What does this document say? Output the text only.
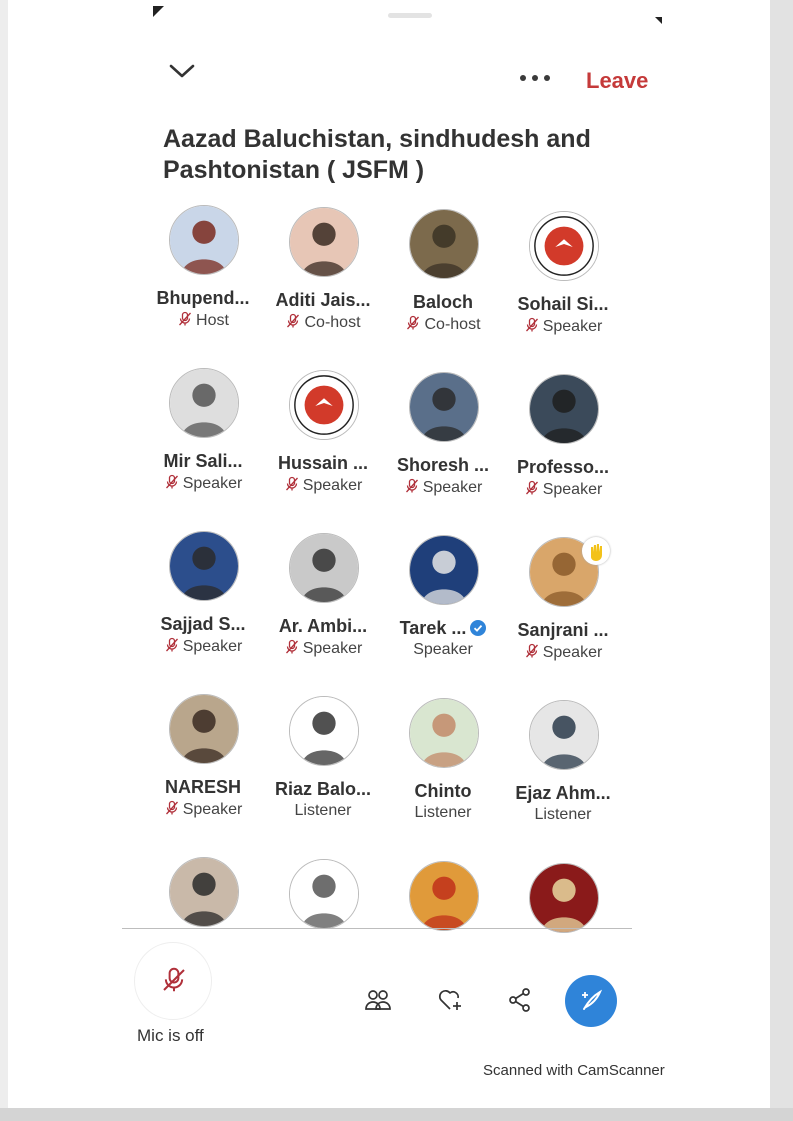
Leave
Aazad Baluchistan, sindhudesh and Pashtonistan ( JSFM )
Bhupend...
Host
Aditi Jais...
Co-host
Baloch
Co-host
Sohail Si...
Speaker
Mir Sali...
Speaker
Hussain ...
Speaker
Shoresh ...
Speaker
Professo...
Speaker
Sajjad S...
Speaker
Ar. Ambi...
Speaker
Tarek ...
Speaker
Sanjrani ...
Speaker
NARESH
Speaker
Riaz Balo...
Listener
Chinto
Listener
Ejaz Ahm...
Listener
Mic is off
Scanned with CamScanner
